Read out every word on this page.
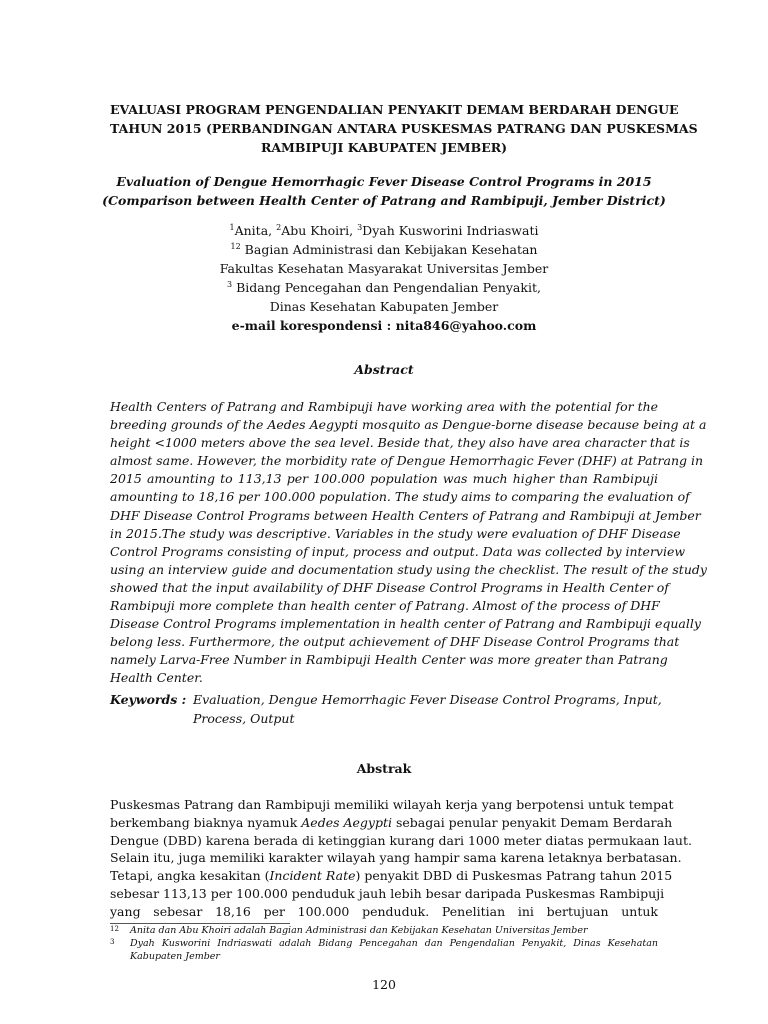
EVALUASI PROGRAM PENGENDALIAN PENYAKIT DEMAM BERDARAH DENGUE
TAHUN 2015 (PERBANDINGAN ANTARA PUSKESMAS PATRANG DAN PUSKESMAS
RAMBIPUJI KABUPATEN JEMBER)
Evaluation of Dengue Hemorrhagic Fever Disease Control Programs in 2015
(Comparison between Health Center of Patrang and Rambipuji, Jember District)
$^1$Anita, $^2$Abu Khoiri, $^3$Dyah Kusworini Indriaswati
$^{12}$ Bagian Administrasi dan Kebijakan Kesehatan
Fakultas Kesehatan Masyarakat Universitas Jember
$^3$ Bidang Pencegahan dan Pengendalian Penyakit,
Dinas Kesehatan Kabupaten Jember
e-mail korespondensi : nita846@yahoo.com
Abstract
Health Centers of Patrang and Rambipuji have working area with the potential for the
breeding grounds of the Aedes Aegypti mosquito as Dengue-borne disease because being at a
height <1000 meters above the sea level. Beside that, they also have area character that is
almost same. However, the morbidity rate of Dengue Hemorrhagic Fever (DHF) at Patrang in
2015 amounting to 113,13 per 100.000 population was much higher than Rambipuji
amounting to 18,16 per 100.000 population. The study aims to comparing the evaluation of
DHF Disease Control Programs between Health Centers of Patrang and Rambipuji at Jember
in 2015.The study was descriptive. Variables in the study were evaluation of DHF Disease
Control Programs consisting of input, process and output. Data was collected by interview
using an interview guide and documentation study using the checklist. The result of the study
showed that the input availability of DHF Disease Control Programs in Health Center of
Rambipuji more complete than health center of Patrang. Almost of the process of DHF
Disease Control Programs implementation in health center of Patrang and Rambipuji equally
belong less. Furthermore, the output achievement of DHF Disease Control Programs that
namely Larva-Free Number in Rambipuji Health Center was more greater than Patrang
Health Center.
Keywords : Evaluation, Dengue Hemorrhagic Fever Disease Control Programs, Input,
Process, Output
Abstrak
Puskesmas Patrang dan Rambipuji memiliki wilayah kerja yang berpotensi untuk tempat
berkembang biaknya nyamuk Aedes Aegypti sebagai penular penyakit Demam Berdarah
Dengue (DBD) karena berada di ketinggian kurang dari 1000 meter diatas permukaan laut.
Selain itu, juga memiliki karakter wilayah yang hampir sama karena letaknya berbatasan.
Tetapi, angka kesakitan (Incident Rate) penyakit DBD di Puskesmas Patrang tahun 2015
sebesar 113,13 per 100.000 penduduk jauh lebih besar daripada Puskesmas Rambipuji
yang sebesar 18,16 per 100.000 penduduk. Penelitian ini bertujuan untuk
12 Anita dan Abu Khoiri adalah Bagian Administrasi dan Kebijakan Kesehatan Universitas Jember
3 Dyah Kusworini Indriaswati adalah Bidang Pencegahan dan Pengendalian Penyakit, Dinas Kesehatan
Kabupaten Jember
120
